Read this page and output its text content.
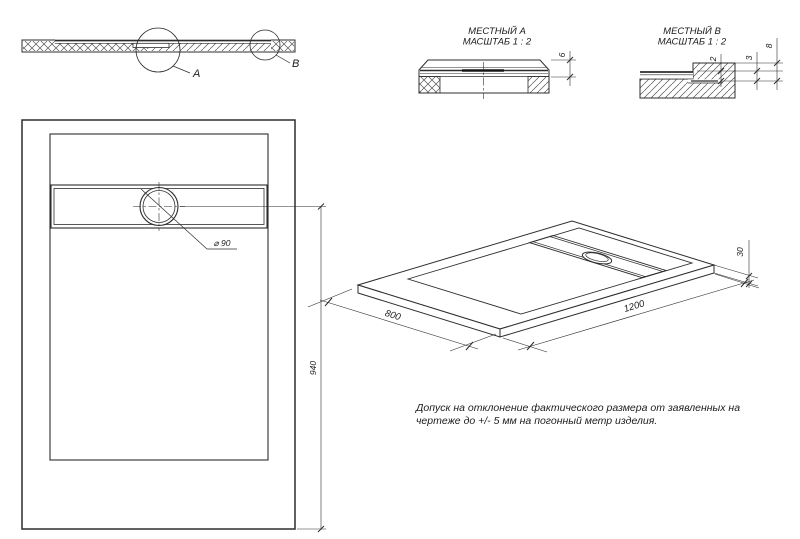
A
B
МЕСТНЫЙ А
МАСШТАБ 1 : 2
6
МЕСТНЫЙ В
МАСШТАБ 1 : 2
2	3
8
⌀ 90
940
800
1200
30
Допуск на отклонение фактического размера от заявленных на
чертеже до +/- 5 мм на погонный метр изделия.
